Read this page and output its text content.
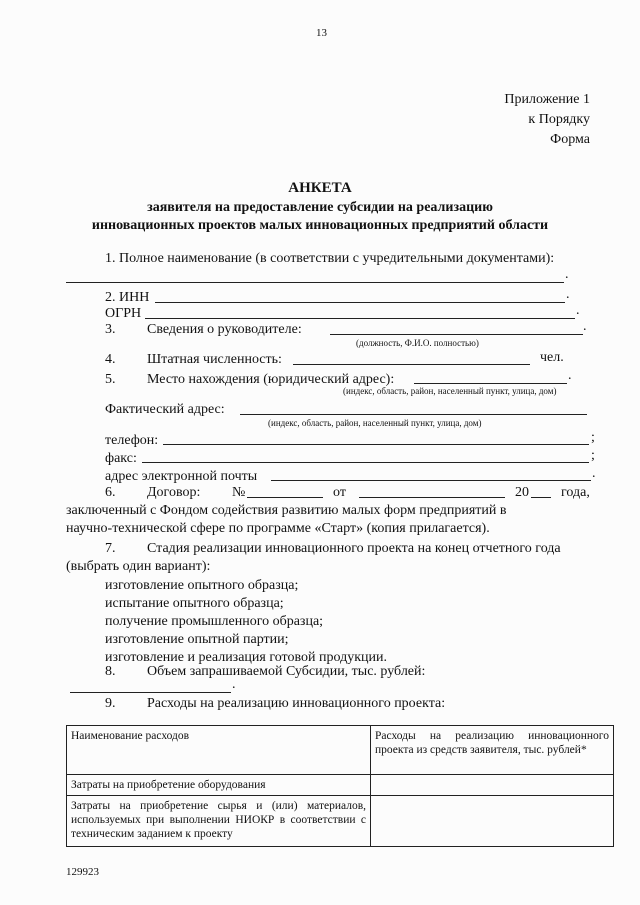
13
Приложение 1
к Порядку
Форма
АНКЕТА
заявителя на предоставление субсидии на реализацию
инновационных проектов малых инновационных предприятий области
1. Полное наименование (в соответствии с учредительными документами):
.
2. ИНН	.
ОГРН	.
3. Сведения о руководителе:	.
(должность, Ф.И.О. полностью)
4. Штатная численность:	чел.
5. Место нахождения (юридический адрес):	.
(индекс, область, район, населенный пункт, улица, дом)
Фактический адрес:
(индекс, область, район, населенный пункт, улица, дом)
телефон:	;
факс:	;
адрес электронной почты	.
6. Договор: №	от	20 года,
заключенный с Фондом содействия развитию малых форм предприятий в
научно-технической сфере по программе «Старт» (копия прилагается).
7. Стадия реализации инновационного проекта на конец отчетного года
(выбрать один вариант):
изготовление опытного образца;
испытание опытного образца;
получение промышленного образца;
изготовление опытной партии;
изготовление и реализация готовой продукции.
8. Объем запрашиваемой Субсидии, тыс. рублей:
.
9. Расходы на реализацию инновационного проекта:
Наименование расходов	Расходы на реализацию инновационного проекта из средств заявителя, тыс. рублей*
Затраты на приобретение оборудования	
Затраты на приобретение сырья и (или) материалов, используемых при выполнении НИОКР в соответствии с техническим заданием к проекту	
129923
